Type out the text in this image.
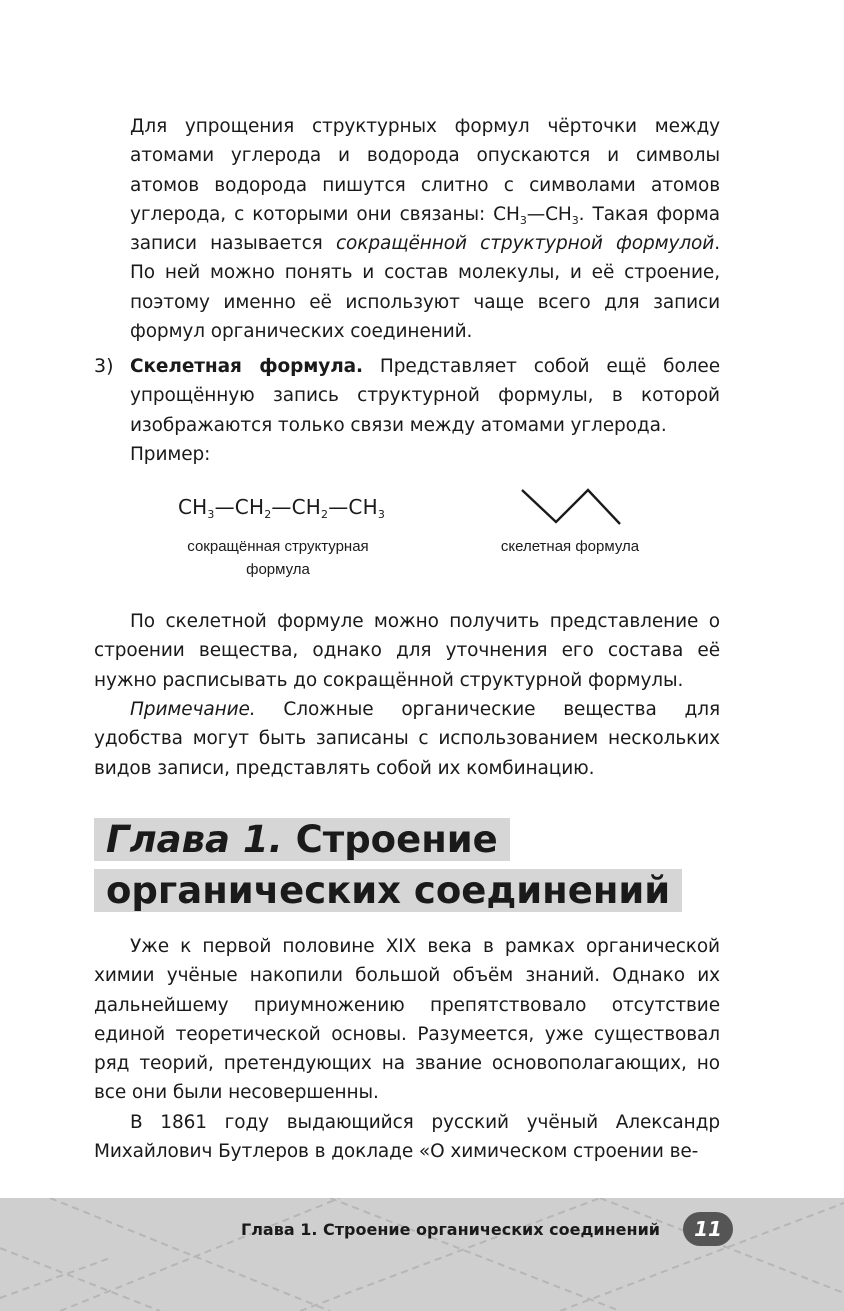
Для упрощения структурных формул чёрточки между атомами углерода и водорода опускаются и символы атомов водорода пишутся слитно с символами атомов углерода, с которыми они связаны: $CH_3—CH_3$. Такая форма записи называется сокращённой структурной формулой. По ней можно понять и состав молекулы, и её строение, поэтому именно её используют чаще всего для записи формул органических соединений.

3) Скелетная формула. Представляет собой ещё более упрощённую запись структурной формулы, в которой изображаются только связи между атомами углерода.
Пример:

$CH_3—CH_2—CH_2—CH_3$
сокращённая структурная формула
скелетная формула

По скелетной формуле можно получить представление о строении вещества, однако для уточнения его состава её нужно расписывать до сокращённой структурной формулы.

Примечание. Сложные органические вещества для удобства могут быть записаны с использованием нескольких видов записи, представлять собой их комбинацию.

Глава 1. Строение
органических соединений

Уже к первой половине XIX века в рамках органической химии учёные накопили большой объём знаний. Однако их дальнейшему приумножению препятствовало отсутствие единой теоретической основы. Разумеется, уже существовал ряд теорий, претендующих на звание основополагающих, но все они были несовершенны.

В 1861 году выдающийся русский учёный Александр Михайлович Бутлеров в докладе «О химическом строении ве-

Глава 1. Строение органических соединений	11
